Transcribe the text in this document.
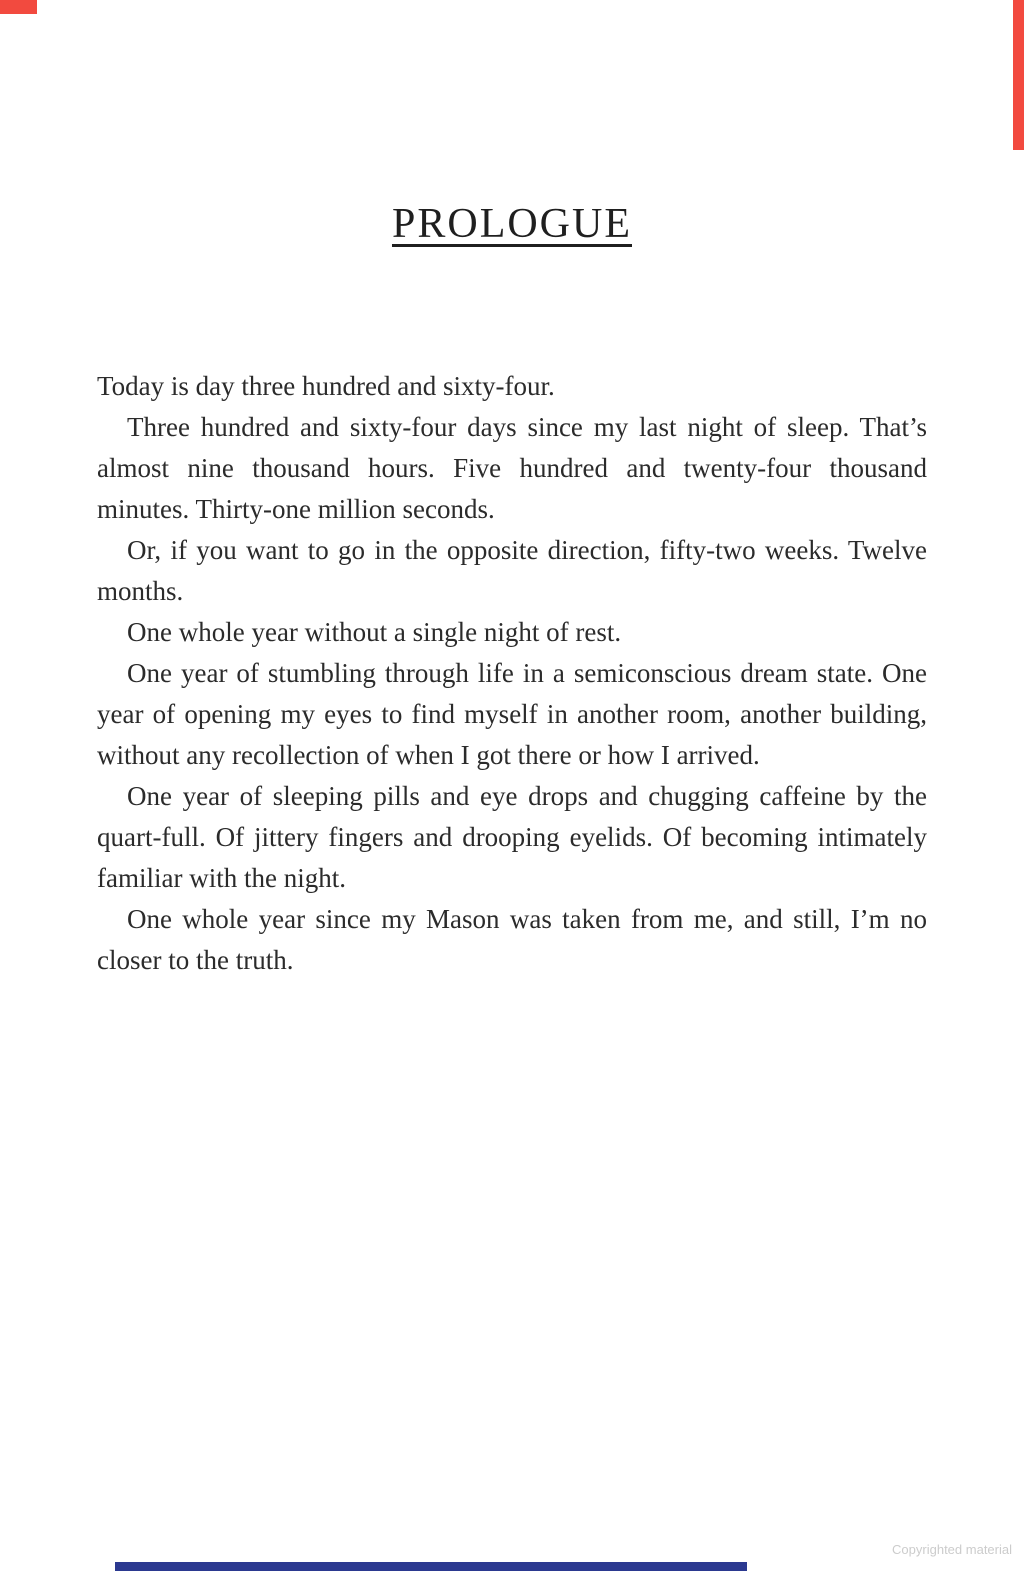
PROLOGUE

Today is day three hundred and sixty-four.

Three hundred and sixty-four days since my last night of sleep. That’s almost nine thousand hours. Five hundred and twenty-four thousand minutes. Thirty-one million seconds.

Or, if you want to go in the opposite direction, fifty-two weeks. Twelve months.

One whole year without a single night of rest.

One year of stumbling through life in a semiconscious dream state. One year of opening my eyes to find myself in another room, another building, without any recollection of when I got there or how I arrived.

One year of sleeping pills and eye drops and chugging caffeine by the quart-full. Of jittery fingers and drooping eyelids. Of becoming intimately familiar with the night.

One whole year since my Mason was taken from me, and still, I’m no closer to the truth.

Copyrighted material
